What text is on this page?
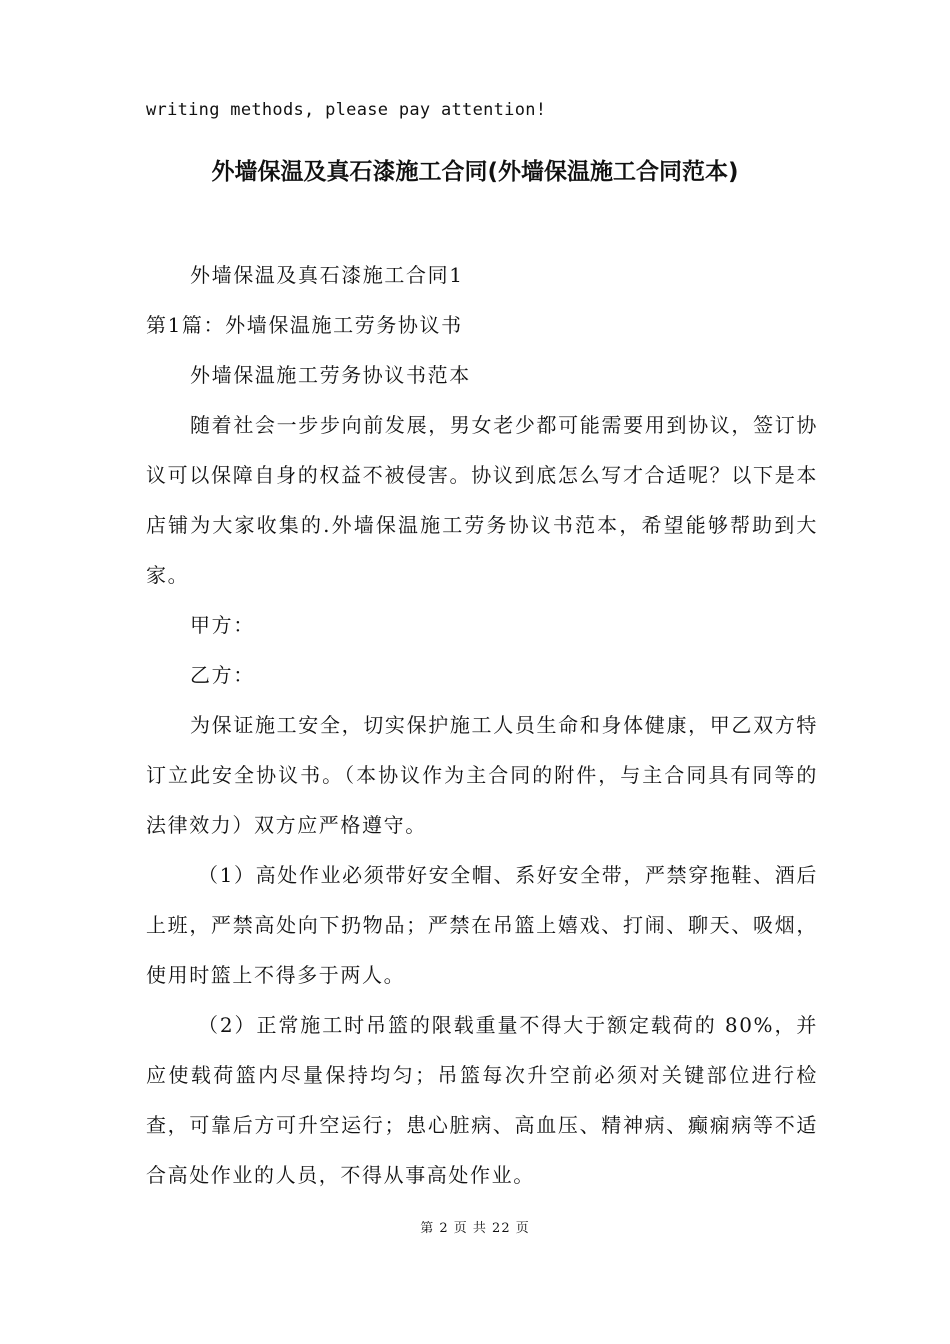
writing methods, please pay attention!
外墙保温及真石漆施工合同(外墙保温施工合同范本)

外墙保温及真石漆施工合同1

第1篇：外墙保温施工劳务协议书

外墙保温施工劳务协议书范本

随着社会一步步向前发展，男女老少都可能需要用到协议，签订协议可以保障自身的权益不被侵害。协议到底怎么写才合适呢？以下是本店铺为大家收集的.外墙保温施工劳务协议书范本，希望能够帮助到大家。

甲方：

乙方：

为保证施工安全，切实保护施工人员生命和身体健康，甲乙双方特订立此安全协议书。（本协议作为主合同的附件，与主合同具有同等的法律效力）双方应严格遵守。

（1）高处作业必须带好安全帽、系好安全带，严禁穿拖鞋、酒后上班，严禁高处向下扔物品；严禁在吊篮上嬉戏、打闹、聊天、吸烟，使用时篮上不得多于两人。

（2）正常施工时吊篮的限载重量不得大于额定载荷的 80%，并应使载荷篮内尽量保持均匀；吊篮每次升空前必须对关键部位进行检查，可靠后方可升空运行；患心脏病、高血压、精神病、癫痫病等不适合高处作业的人员，不得从事高处作业。

第 2 页 共 22 页
